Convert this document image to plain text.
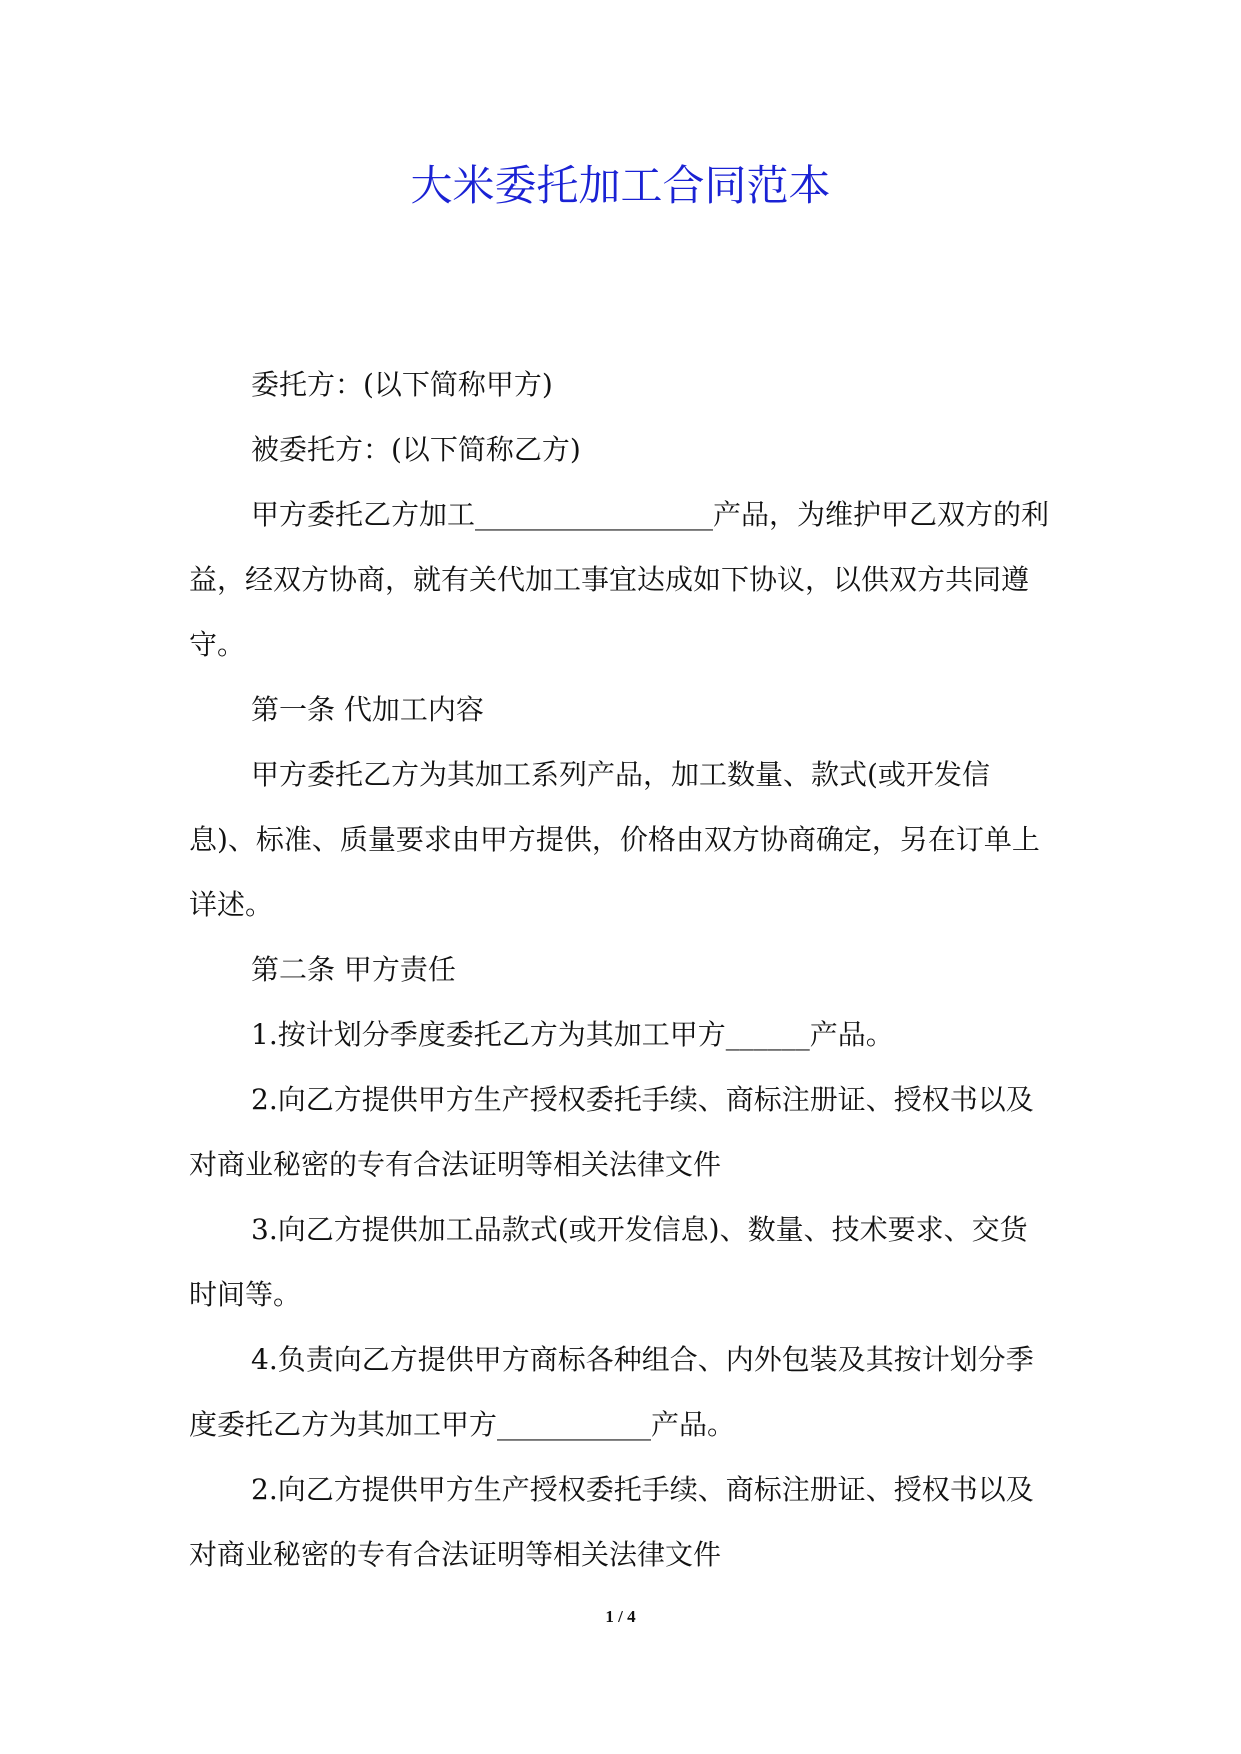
大米委托加工合同范本

委托方：(以下简称甲方)

被委托方：(以下简称乙方)

甲方委托乙方加工_________________产品，为维护甲乙双方的利益，经双方协商，就有关代加工事宜达成如下协议，以供双方共同遵守。

第一条 代加工内容

甲方委托乙方为其加工系列产品，加工数量、款式(或开发信息)、标准、质量要求由甲方提供，价格由双方协商确定，另在订单上详述。

第二条 甲方责任

1.按计划分季度委托乙方为其加工甲方______产品。

2.向乙方提供甲方生产授权委托手续、商标注册证、授权书以及对商业秘密的专有合法证明等相关法律文件

3.向乙方提供加工品款式(或开发信息)、数量、技术要求、交货时间等。

4.负责向乙方提供甲方商标各种组合、内外包装及其按计划分季度委托乙方为其加工甲方___________产品。

2.向乙方提供甲方生产授权委托手续、商标注册证、授权书以及对商业秘密的专有合法证明等相关法律文件

1 / 4
